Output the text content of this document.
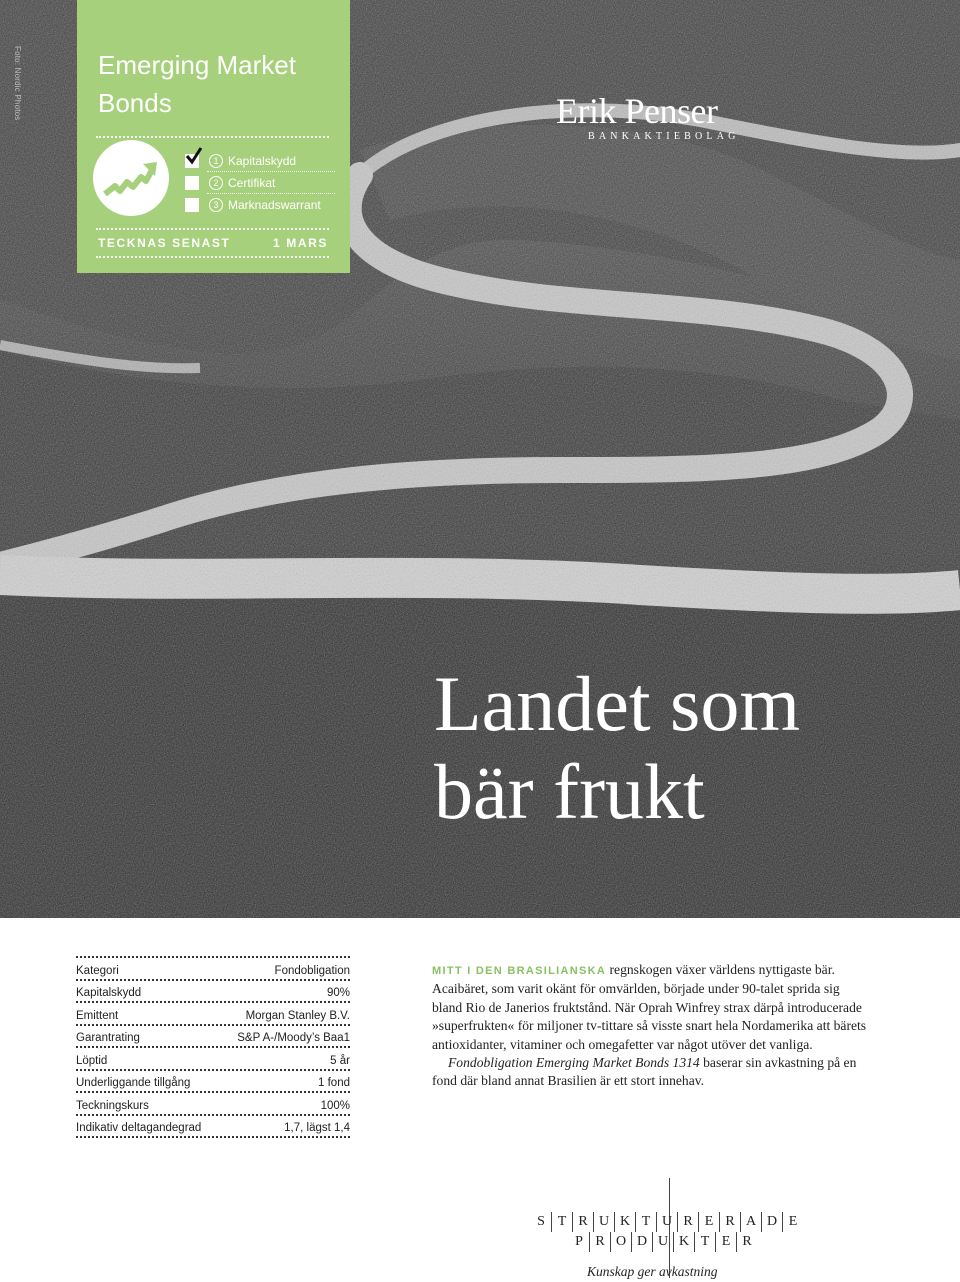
Foto: Nordic Photos	Emerging Market Bonds
1 Kapitalskydd
2 Certifikat
3 Marknadswarrant
TECKNAS SENAST	1 MARS
Erik Penser
BANKAKTIEBOLAG
Landet som
bär frukt
Kategori	Fondobligation
Kapitalskydd	90%
Emittent	Morgan Stanley B.V.
Garantrating	S&P A-/Moody’s Baa1
Löptid	5 år
Underliggande tillgång	1 fond
Teckningskurs	100%
Indikativ deltagandegrad	1,7, lägst 1,4

MITT I DEN BRASILIANSKA regnskogen växer världens nyttigaste bär. Acaibäret, som varit okänt för omvärlden, började under 90-talet sprida sig bland Rio de Janerios fruktstånd. När Oprah Winfrey strax därpå introducerade »superfrukten« för miljoner tv-tittare så visste snart hela Nordamerika att bärets antioxidanter, vitaminer och omegafetter var något utöver det vanliga.

Fondobligation Emerging Market Bonds 1314 baserar sin avkastning på en fond där bland annat Brasilien är ett stort innehav.

S T R U K T U R E R A D E
P R O D U K T E R
Kunskap ger avkastning
